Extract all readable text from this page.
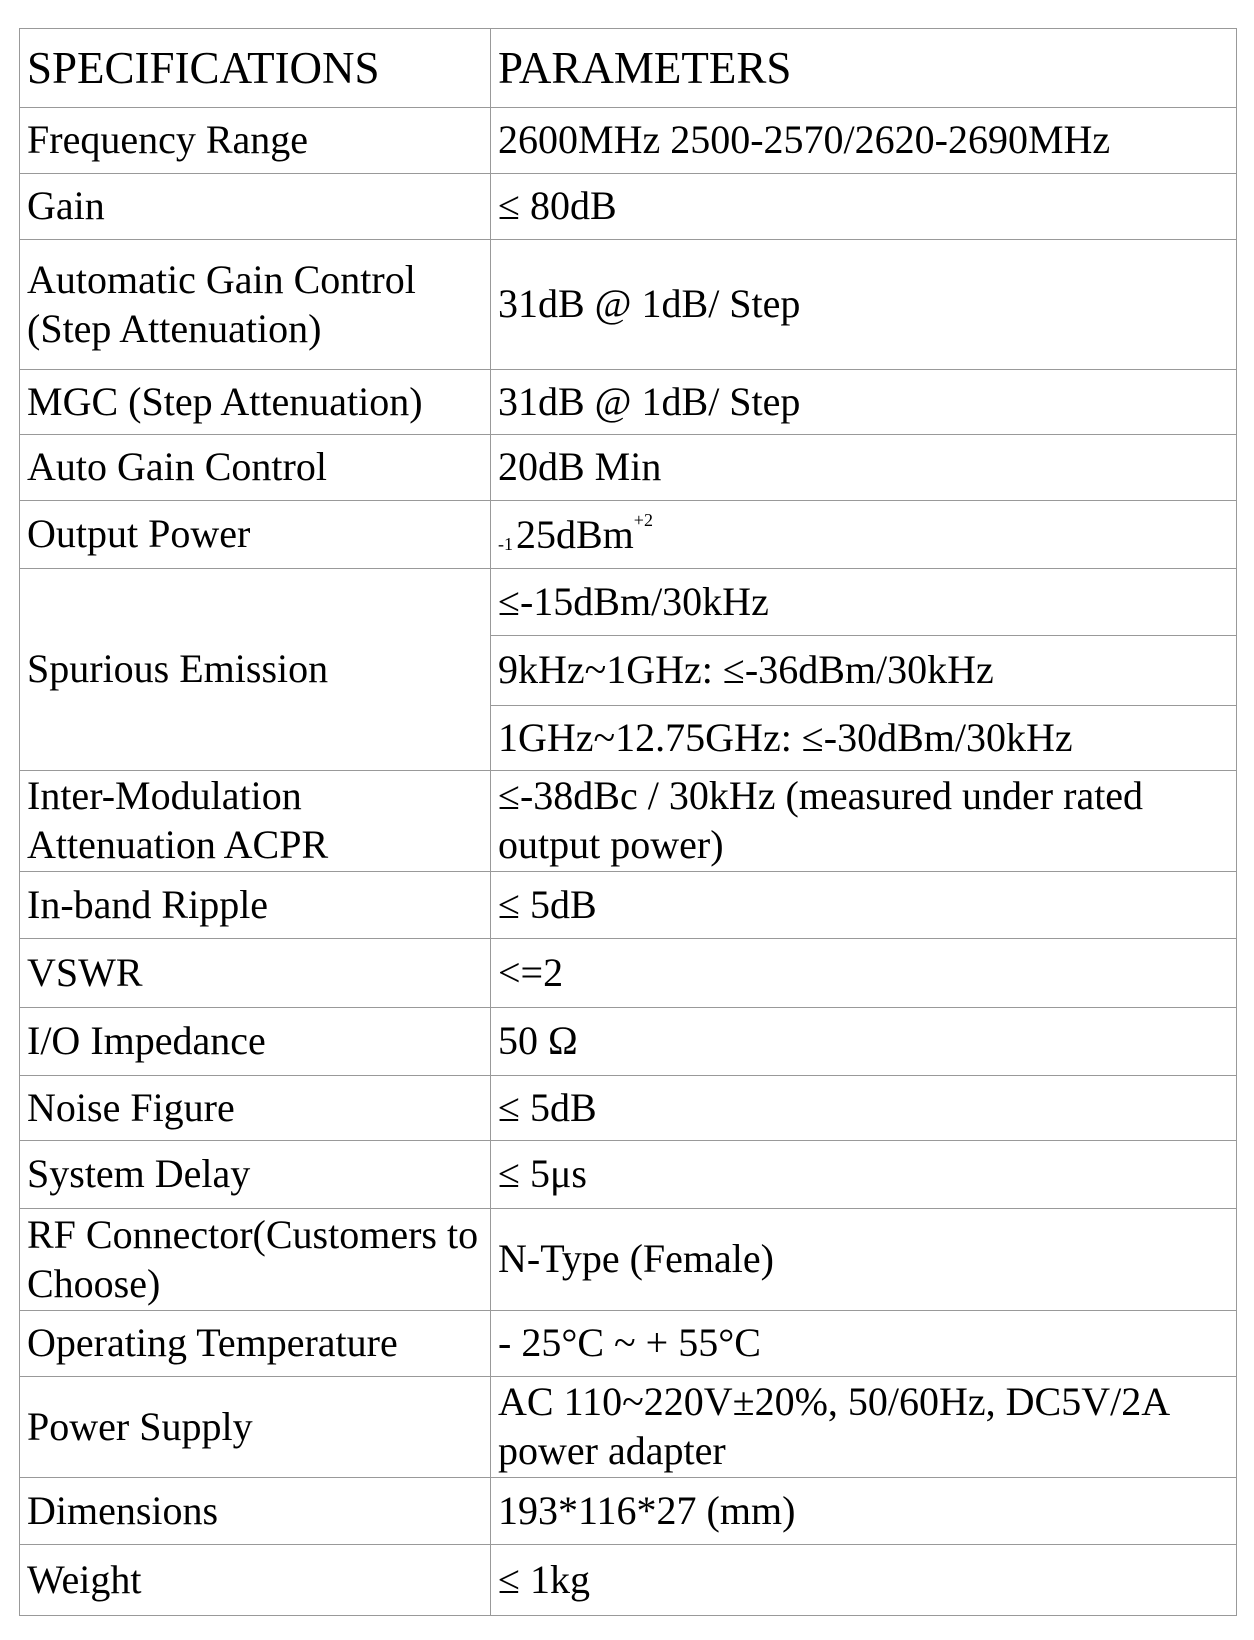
SPECIFICATIONS	PARAMETERS
Frequency Range	2600MHz 2500-2570/2620-2690MHz
Gain	≤ 80dB
Automatic Gain Control (Step Attenuation)	31dB @ 1dB/ Step
MGC (Step Attenuation)	31dB @ 1dB/ Step
Auto Gain Control	20dB Min
Output Power	-125dBm$^{+2}$
Spurious Emission	≤-15dBm/30kHz
	9kHz~1GHz: ≤-36dBm/30kHz
	1GHz~12.75GHz: ≤-30dBm/30kHz
Inter-Modulation Attenuation ACPR	≤-38dBc / 30kHz (measured under rated output power)
In-band Ripple	≤ 5dB
VSWR	<=2
I/O Impedance	50 Ω
Noise Figure	≤ 5dB
System Delay	≤ 5μs
RF Connector(Customers to Choose)	N-Type (Female)
Operating Temperature	- 25°C ~ + 55°C
Power Supply	AC 110~220V±20%, 50/60Hz, DC5V/2A power adapter
Dimensions	193*116*27 (mm)
Weight	≤ 1kg
